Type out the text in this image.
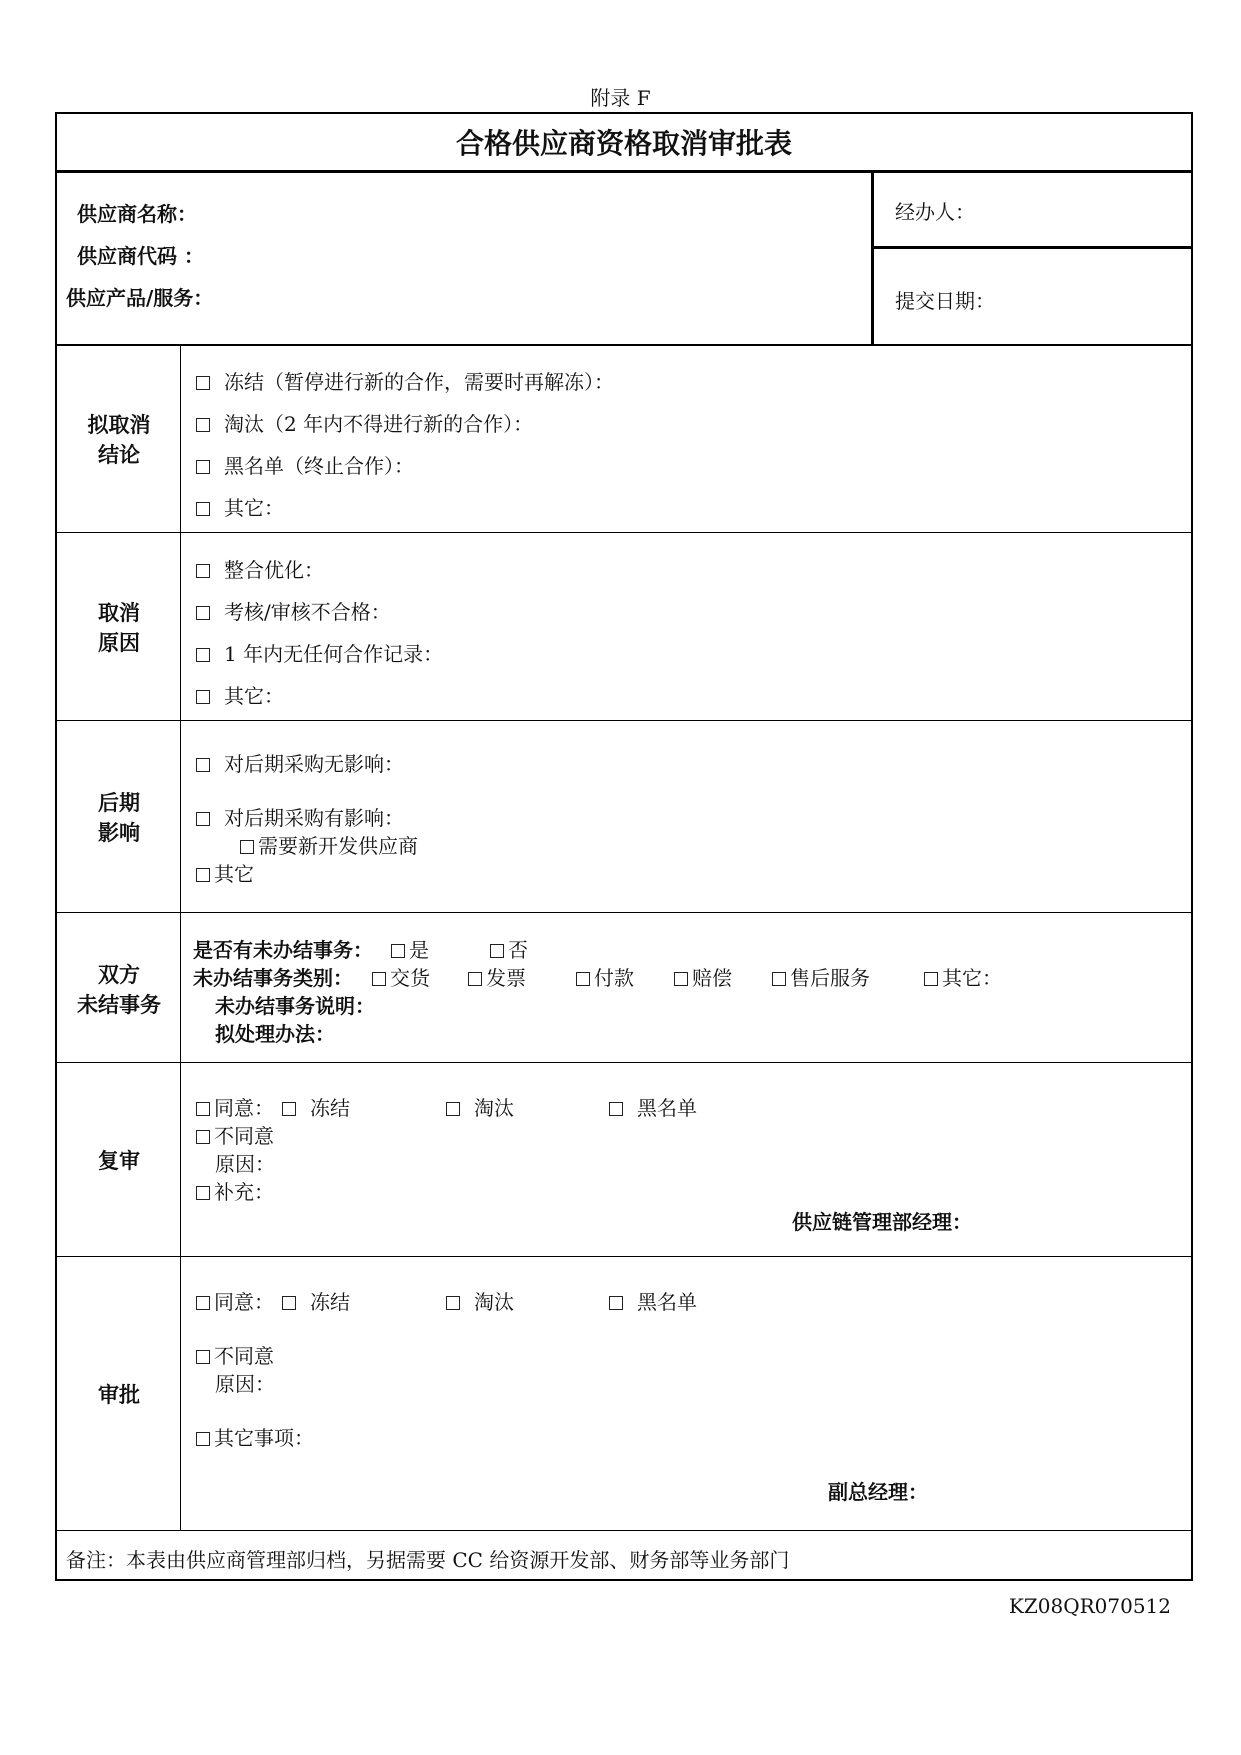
附录 F
合格供应商资格取消审批表
供应商名称：
供应商代码 ：
供应产品/服务：
经办人：
提交日期：
拟取消
结论
冻结（暂停进行新的合作，需要时再解冻）：
淘汰（2 年内不得进行新的合作）：
黑名单（终止合作）：
其它：
取消
原因
整合优化：
考核/审核不合格：
1 年内无任何合作记录：
其它：
后期
影响
对后期采购无影响：
对后期采购有影响：
需要新开发供应商
其它
双方
未结事务
是否有未办结事务：	是	否
未办结事务类别：	交货	发票	付款	赔偿	售后服务	其它：
未办结事务说明：
拟处理办法：
复审
同意：	冻结	淘汰	黑名单
不同意
原因：
补充：
供应链管理部经理：
审批
同意：	冻结	淘汰	黑名单
不同意
原因：
其它事项：
副总经理：
备注：本表由供应商管理部归档，另据需要 CC 给资源开发部、财务部等业务部门
KZ08QR070512
